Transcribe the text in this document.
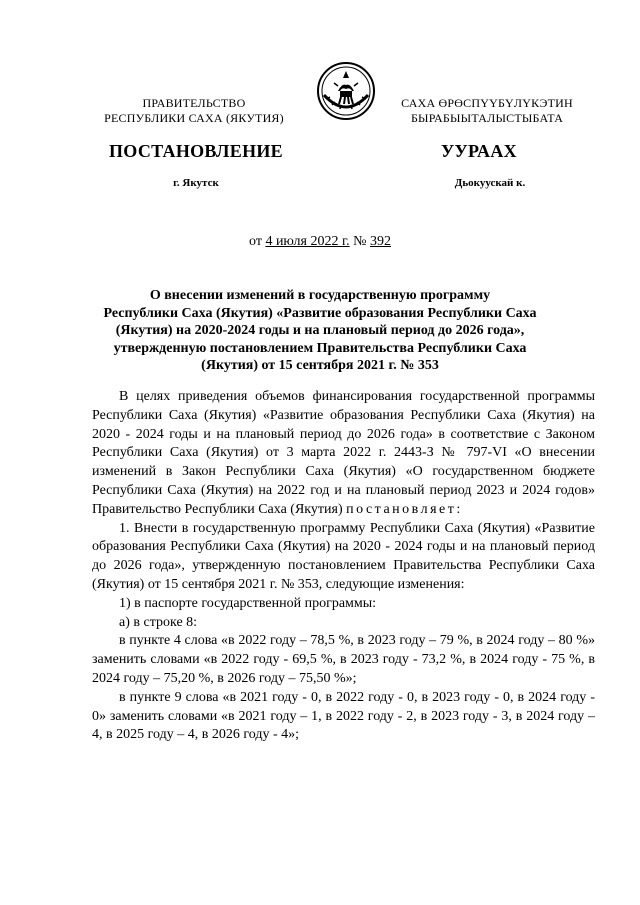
ПРАВИТЕЛЬСТВО
РЕСПУБЛИКИ САХА (ЯКУТИЯ)
САХА ӨРӨСПҮҮБҮЛҮКЭТИН
БЫРАБЫЫТАЛЫСТЫБАТА
ПОСТАНОВЛЕНИЕ	УУРААХ
г. Якутск	Дьокуускай к.
от 4 июля 2022 г. № 392
О внесении изменений в государственную программу
Республики Саха (Якутия) «Развитие образования Республики Саха
(Якутия) на 2020-2024 годы и на плановый период до 2026 года»,
утвержденную постановлением Правительства Республики Саха
(Якутия) от 15 сентября 2021 г. № 353

В целях приведения объемов финансирования государственной программы Республики Саха (Якутия) «Развитие образования Республики Саха (Якутия) на 2020 - 2024 годы и на плановый период до 2026 года» в соответствие с Законом Республики Саха (Якутия) от 3 марта 2022 г. 2443-З № 797-VI «О внесении изменений в Закон Республики Саха (Якутия) «О государственном бюджете Республики Саха (Якутия) на 2022 год и на плановый период 2023 и 2024 годов» Правительство Республики Саха (Якутия) постановляет:

1. Внести в государственную программу Республики Саха (Якутия) «Развитие образования Республики Саха (Якутия) на 2020 - 2024 годы и на плановый период до 2026 года», утвержденную постановлением Правительства Республики Саха (Якутия) от 15 сентября 2021 г. № 353, следующие изменения:

1) в паспорте государственной программы:

а) в строке 8:

в пункте 4 слова «в 2022 году – 78,5 %, в 2023 году – 79 %, в 2024 году – 80 %» заменить словами «в 2022 году - 69,5 %, в 2023 году - 73,2 %, в 2024 году - 75 %, в 2024 году – 75,20 %, в 2026 году – 75,50 %»;

в пункте 9 слова «в 2021 году - 0, в 2022 году - 0, в 2023 году - 0, в 2024 году - 0» заменить словами «в 2021 году – 1, в 2022 году - 2, в 2023 году - 3, в 2024 году – 4, в 2025 году – 4, в 2026 году - 4»;
